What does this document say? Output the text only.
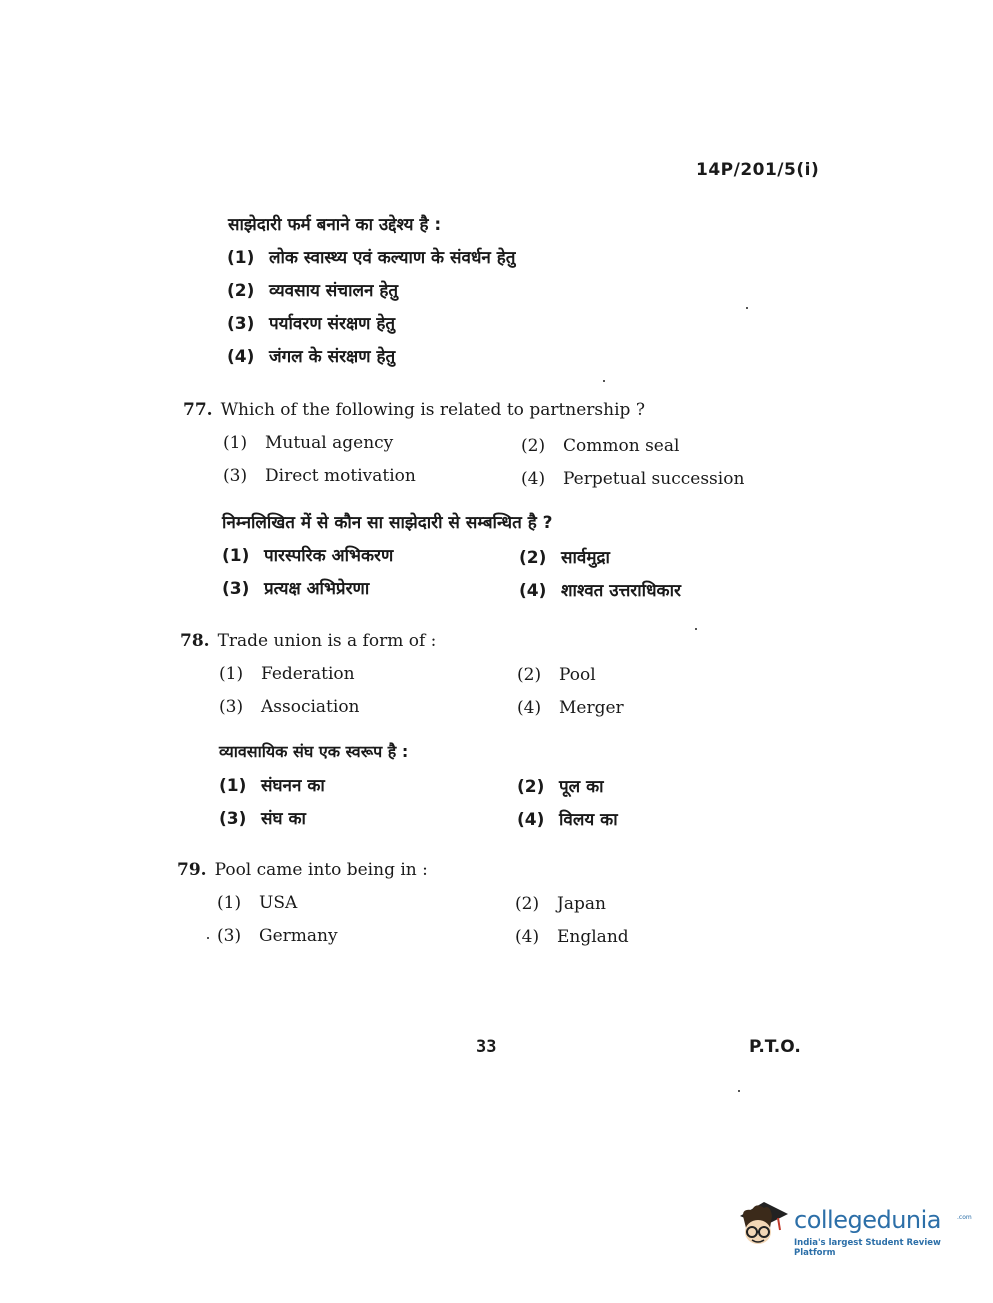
14P/201/5(i)
साझेदारी फर्म बनाने का उद्देश्य है :
(1) लोक स्वास्थ्य एवं कल्याण के संवर्धन हेतु
(2) व्यवसाय संचालन हेतु
(3) पर्यावरण संरक्षण हेतु
(4) जंगल के संरक्षण हेतु
77. Which of the following is related to partnership ?
(1) Mutual agency	(2) Common seal
(3) Direct motivation	(4) Perpetual succession
निम्नलिखित में से कौन सा साझेदारी से सम्बन्धित है ?
(1) पारस्परिक अभिकरण	(2) सार्वमुद्रा
(3) प्रत्यक्ष अभिप्रेरणा	(4) शाश्वत उत्तराधिकार
78. Trade union is a form of :
(1) Federation	(2) Pool
(3) Association	(4) Merger
व्यावसायिक संघ एक स्वरूप है :
(1) संघनन का	(2) पूल का
(3) संघ का	(4) विलय का
79. Pool came into being in :
(1) USA	(2) Japan
(3) Germany	(4) England
33	P.T.O.
collegedunia	.com
India's largest Student Review Platform
